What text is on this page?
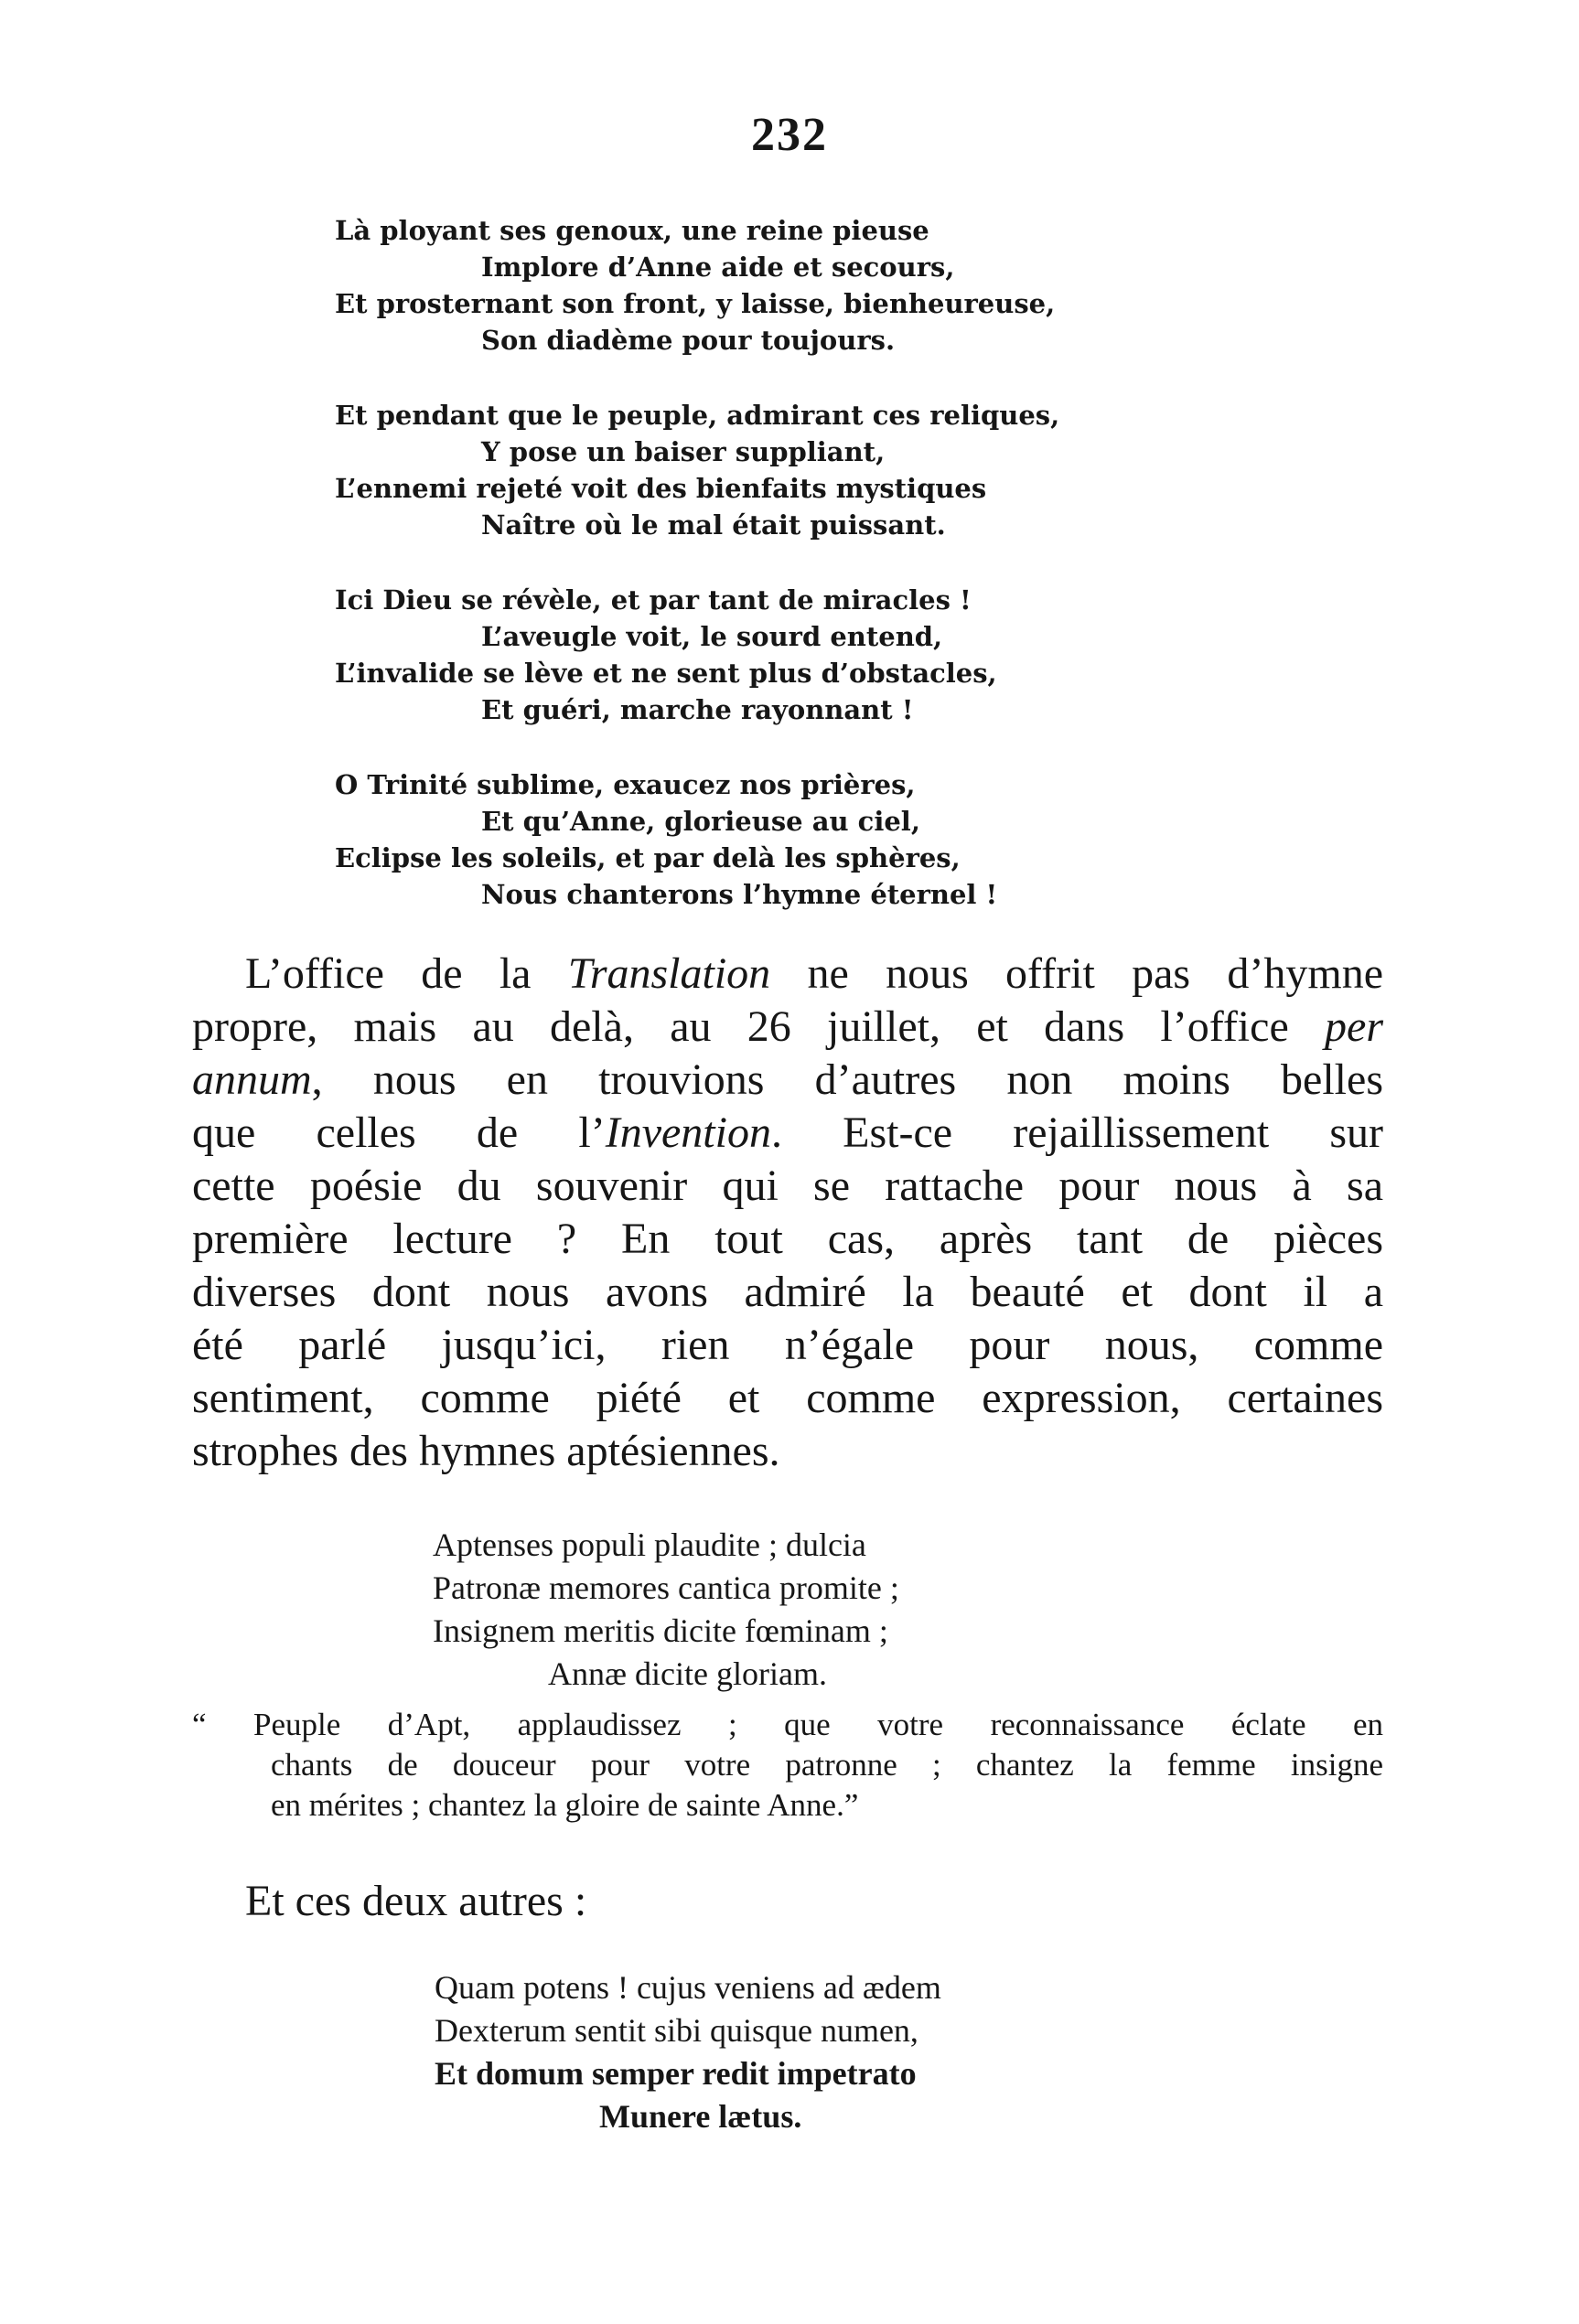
232
Là ployant ses genoux, une reine pieuse
Implore d’Anne aide et secours,
Et prosternant son front, y laisse, bienheureuse,
Son diadème pour toujours.
Et pendant que le peuple, admirant ces reliques,
Y pose un baiser suppliant,
L’ennemi rejeté voit des bienfaits mystiques
Naître où le mal était puissant.
Ici Dieu se révèle, et par tant de miracles !
L’aveugle voit, le sourd entend,
L’invalide se lève et ne sent plus d’obstacles,
Et guéri, marche rayonnant !
O Trinité sublime, exaucez nos prières,
Et qu’Anne, glorieuse au ciel,
Eclipse les soleils, et par delà les sphères,
Nous chanterons l’hymne éternel !
L’office de la Translation ne nous offrit pas d’hymne
propre, mais au delà, au 26 juillet, et dans l’office per
annum, nous en trouvions d’autres non moins belles
que celles de l’Invention. Est-ce rejaillissement sur
cette poésie du souvenir qui se rattache pour nous à sa
première lecture ? En tout cas, après tant de pièces
diverses dont nous avons admiré la beauté et dont il a
été parlé jusqu’ici, rien n’égale pour nous, comme
sentiment, comme piété et comme expression, certaines
strophes des hymnes aptésiennes.
Aptenses populi plaudite ; dulcia
Patronæ memores cantica promite ;
Insignem meritis dicite fœminam ;
Annæ dicite gloriam.
“ Peuple d’Apt, applaudissez ; que votre reconnaissance éclate en
chants de douceur pour votre patronne ; chantez la femme insigne
en mérites ; chantez la gloire de sainte Anne.”
Et ces deux autres :
Quam potens ! cujus veniens ad ædem
Dexterum sentit sibi quisque numen,
Et domum semper redit impetrato
Munere lætus.
